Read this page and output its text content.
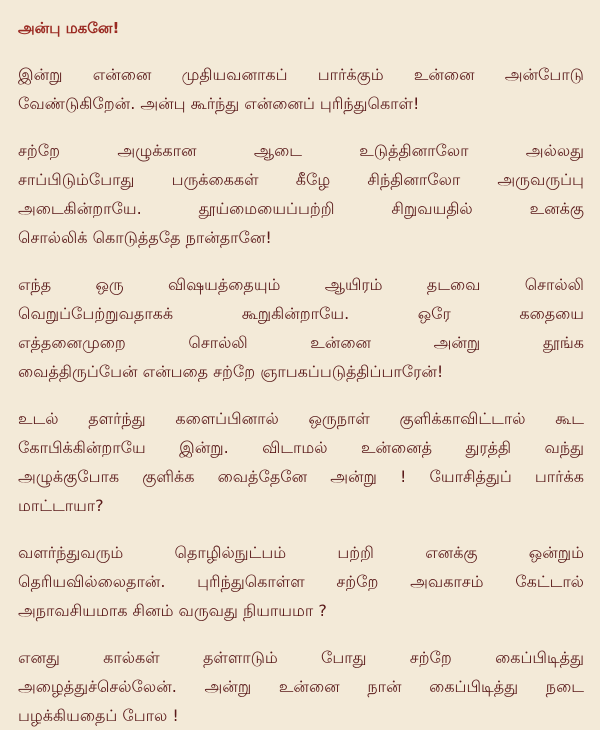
அன்பு மகனே!
இன்று என்னை முதியவனாகப் பார்க்கும் உன்னை அன்போடு
வேண்டுகிறேன். அன்பு கூர்ந்து என்னைப் புரிந்துகொள்!
சற்றே	அழுக்கான	ஆடை	உடுத்தினாலோ	அல்லது
சாப்பிடும்போது பருக்கைகள் கீழே சிந்தினாலோ அருவருப்பு
அடைகின்றாயே.	தூய்மையைப்பற்றி	சிறுவயதில்	உனக்கு
சொல்லிக் கொடுத்ததே நான்தானே!
எந்த	ஒரு	விஷயத்தையும்	ஆயிரம்	தடவை	சொல்லி
வெறுப்பேற்றுவதாகக்	கூறுகின்றாயே.	ஒரே	கதையை
எத்தனைமுறை	சொல்லி	உன்னை	அன்று	தூங்க
வைத்திருப்பேன் என்பதை சற்றே ஞாபகப்படுத்திப்பாரேன்!
உடல் தளர்ந்து களைப்பினால் ஒருநாள் குளிக்காவிட்டால் கூட
கோபிக்கின்றாயே இன்று. விடாமல் உன்னைத் துரத்தி வந்து
அழுக்குபோக குளிக்க வைத்தேனே அன்று ! யோசித்துப் பார்க்க
மாட்டாயா?
வளர்ந்துவரும்	தொழில்நுட்பம்	பற்றி	எனக்கு	ஒன்றும்
தெரியவில்லைதான். புரிந்துகொள்ள சற்றே அவகாசம் கேட்டால்
அநாவசியமாக சினம் வருவது நியாயமா ?
எனது	கால்கள்	தள்ளாடும்	போது	சற்றே	கைப்பிடித்து
அழைத்துச்செல்லேன். அன்று உன்னை நான் கைப்பிடித்து நடை
பழக்கியதைப் போல !
